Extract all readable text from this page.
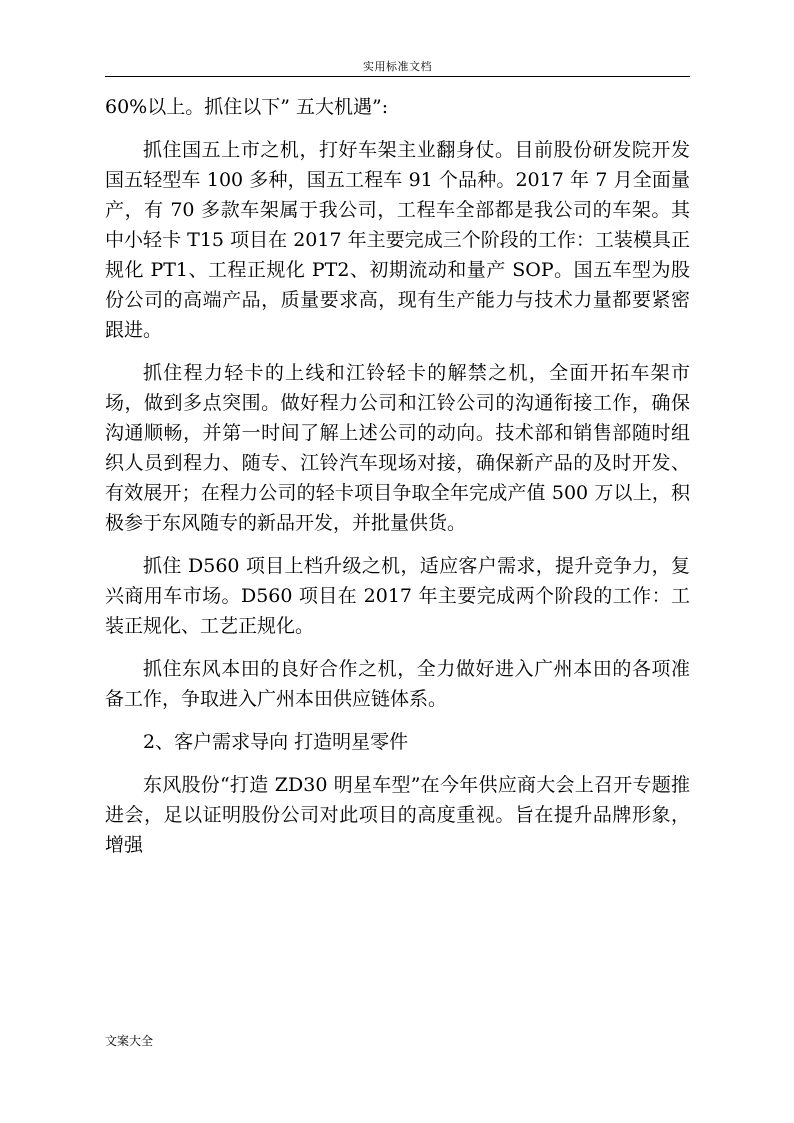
实用标准文档

60%以上。抓住以下” 五大机遇”:

抓住国五上市之机，打好车架主业翻身仗。目前股份研发院开发国五轻型车 100 多种，国五工程车 91 个品种。2017 年 7 月全面量产，有 70 多款车架属于我公司，工程车全部都是我公司的车架。其中小轻卡 T15 项目在 2017 年主要完成三个阶段的工作：工装模具正规化 PT1、工程正规化 PT2、初期流动和量产 SOP。国五车型为股份公司的高端产品，质量要求高，现有生产能力与技术力量都要紧密跟进。

抓住程力轻卡的上线和江铃轻卡的解禁之机，全面开拓车架市场，做到多点突围。做好程力公司和江铃公司的沟通衔接工作，确保沟通顺畅，并第一时间了解上述公司的动向。技术部和销售部随时组织人员到程力、随专、江铃汽车现场对接，确保新产品的及时开发、有效展开；在程力公司的轻卡项目争取全年完成产值 500 万以上，积极参于东风随专的新品开发，并批量供货。

抓住 D560 项目上档升级之机，适应客户需求，提升竞争力，复兴商用车市场。D560 项目在 2017 年主要完成两个阶段的工作：工装正规化、工艺正规化。

抓住东风本田的良好合作之机，全力做好进入广州本田的各项准备工作，争取进入广州本田供应链体系。

2、客户需求导向 打造明星零件

东风股份“打造 ZD30 明星车型”在今年供应商大会上召开专题推进会，足以证明股份公司对此项目的高度重视。旨在提升品牌形象，增强

文案大全
